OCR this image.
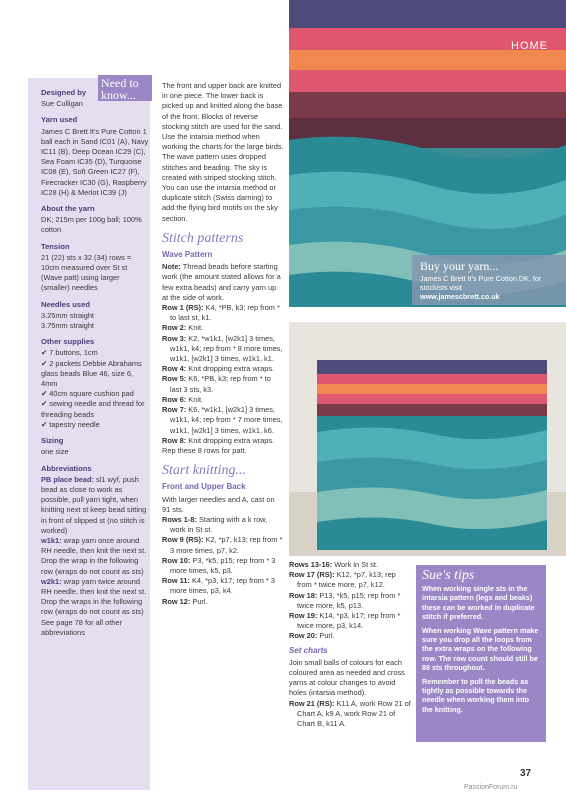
Need to know...
Designed by

Sue Culligan

Yarn used

James C Brett It's Pure Cotton 1 ball each in Sand IC01 (A), Navy IC11 (B), Deep Ocean IC29 (C), Sea Foam IC35 (D), Turquoise IC08 (E), Soft Green IC27 (F), Firecracker IC30 (G), Raspberry IC28 (H) & Merlot IC39 (J)

About the yarn

DK; 215m per 100g ball; 100% cotton

Tension

21 (22) sts x 32 (34) rows = 10cm measured over St st (Wave patt) using larger (smaller) needles

Needles used

3.25mm straight

3.75mm straight

Other supplies

✔ 7 buttons, 1cm

✔ 2 packets Debbie Abrahams glass beads Blue 46, size 6, 4mm

✔ 40cm square cushion pad

✔ sewing needle and thread for threading beads

✔ tapestry needle

Sizing

one size

Abbreviations

PB place bead: sl1 wyf, push bead as close to work as possible, pull yarn tight, when knitting next st keep bead sitting in front of slipped st (no stitch is worked)

w1k1: wrap yarn once around RH needle, then knit the next st. Drop the wrap in the following row (wraps do not count as sts)

w2k1: wrap yarn twice around RH needle, then knit the next st. Drop the wraps in the following row (wraps do not count as sts)

See page 78 for all other abbreviations

The front and upper back are knitted in one piece. The lower back is picked up and knitted along the base of the front. Blocks of reverse stocking stitch are used for the sand. Use the intarsia method when working the charts for the large birds. The wave pattern uses dropped stitches and beading. The sky is created with striped stocking stitch. You can use the intarsia method or duplicate stitch (Swiss darning) to add the flying bird motifs on the sky section.

Stitch patterns
Wave Pattern

Note: Thread beads before starting work (the amount stated allows for a few extra beads) and carry yarn up at the side of work.

Row 1 (RS): K4, *PB, k3; rep from * to last st, k1.

Row 2: Knit.

Row 3: K2, *w1k1, [w2k1] 3 times, w1k1, k4; rep from * 8 more times, w1k1, [w2k1] 3 times, w1k1, k1.

Row 4: Knit dropping extra wraps.

Row 5: K6, *PB, k3; rep from * to last 3 sts, k3.

Row 6: Knit.

Row 7: K6, *w1k1, [w2k1] 3 times, w1k1, k4; rep from * 7 more times, w1k1, [w2k1] 3 times, w1k1, k6.

Row 8: Knit dropping extra wraps.

Rep these 8 rows for patt.

Start knitting...
Front and Upper Back

With larger needles and A, cast on 91 sts.

Rows 1-8: Starting with a k row, work in St st.

Row 9 (RS): K2, *p7, k13; rep from * 3 more times, p7, k2.

Row 10: P3, *k5, p15; rep from * 3 more times, k5, p3.

Row 11: K4, *p3, k17; rep from * 3 more times, p3, k4.

Row 12: Purl.

HOME
Buy your yarn...
James C Brett It's Pure Cotton DK, for stockists visit
www.jamescbrett.co.uk

Rows 13-16: Work in St st.

Row 17 (RS): K12, *p7, k13; rep from * twice more, p7, k12.

Row 18: P13, *k5, p15; rep from * twice more, k5, p13.

Row 19: K14, *p3, k17; rep from * twice more, p3, k14.

Row 20: Purl.

Set charts

Join small balls of colours for each coloured area as needed and cross yarns at colour changes to avoid holes (intarsia method).

Row 21 (RS): K11 A, work Row 21 of Chart A, k9 A, work Row 21 of Chart B, k11 A.

Sue's tips

When working single sts in the intarsia pattern (legs and beaks) these can be worked in duplicate stitch if preferred.

When working Wave pattern make sure you drop all the loops from the extra wraps on the following row. The row count should still be 89 sts throughout.

Remember to pull the beads as tightly as possible towards the needle when working them into the knitting.

37
PassionForum.ru
